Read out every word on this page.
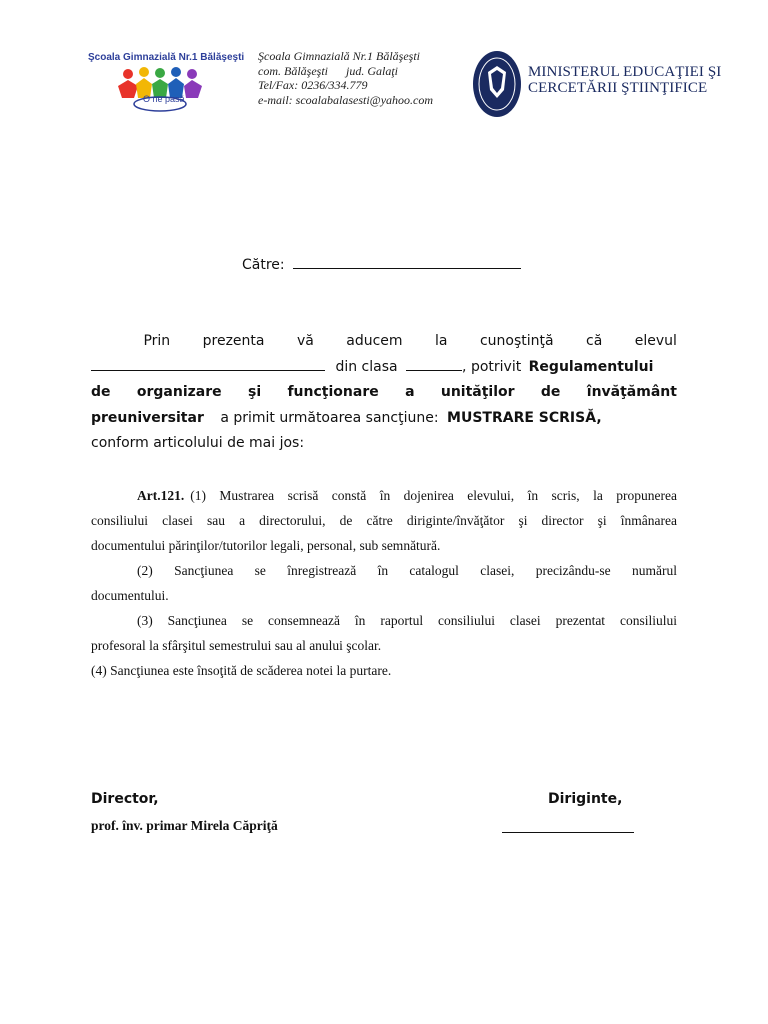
Şcoala Gimnazială Nr.1 Bălăşeşti
O ne pasă
Şcoala Gimnazială Nr.1 Bălăşeşti
com. Bălăşeşti      jud. Galaţi
Tel/Fax: 0236/334.779
e-mail: scoalabalasesti@yahoo.com
MINISTERUL EDUCAŢIEI ŞI
CERCETĂRII ŞTIINŢIFICE
Către:
Prin prezenta vă aducem la cunoştinţă că elevul
din clasa	, potrivit Regulamentului
de organizare şi funcţionare a unităţilor de învăţământ
preuniversitar a primit următoarea sancţiune: MUSTRARE SCRISĂ,
conform articolului de mai jos:
Art.121. (1) Mustrarea scrisă constă în dojenirea elevului, în scris, la propunerea
consiliului clasei sau a directorului, de către diriginte/învăţător şi director şi înmânarea
documentului părinţilor/tutorilor legali, personal, sub semnătură.
(2) Sancţiunea se înregistrează în catalogul clasei, precizându-se numărul
documentului.
(3) Sancţiunea se consemnează în raportul consiliului clasei prezentat consiliului
profesoral la sfârşitul semestrului sau al anului şcolar.
(4) Sancţiunea este însoţită de scăderea notei la purtare.
Director,	Diriginte,
prof. înv. primar Mirela Căpriţă
